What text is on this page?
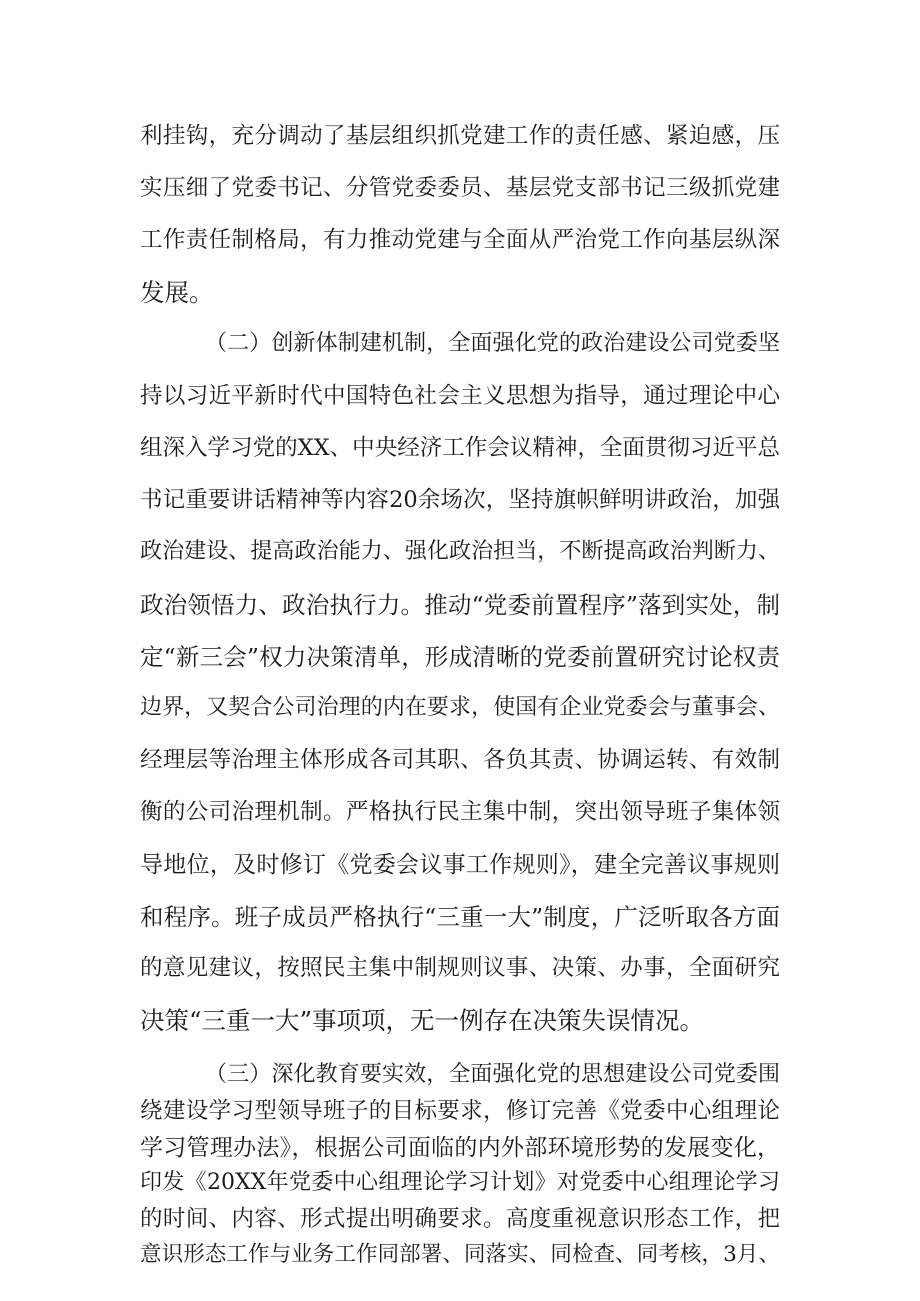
利挂钩，充分调动了基层组织抓党建工作的责任感、紧迫感，压

实压细了党委书记、分管党委委员、基层党支部书记三级抓党建

工作责任制格局，有力推动党建与全面从严治党工作向基层纵深

发展。

（二）创新体制建机制，全面强化党的政治建设公司党委坚

持以习近平新时代中国特色社会主义思想为指导，通过理论中心

组深入学习党的XX、中央经济工作会议精神，全面贯彻习近平总

书记重要讲话精神等内容20余场次，坚持旗帜鲜明讲政治，加强

政治建设、提高政治能力、强化政治担当，不断提高政治判断力、

政治领悟力、政治执行力。推动“党委前置程序”落到实处，制

定“新三会”权力决策清单，形成清晰的党委前置研究讨论权责

边界，又契合公司治理的内在要求，使国有企业党委会与董事会、

经理层等治理主体形成各司其职、各负其责、协调运转、有效制

衡的公司治理机制。严格执行民主集中制，突出领导班子集体领

导地位，及时修订《党委会议事工作规则》，建全完善议事规则

和程序。班子成员严格执行“三重一大”制度，广泛听取各方面

的意见建议，按照民主集中制规则议事、决策、办事，全面研究

决策“三重一大”事项项，无一例存在决策失误情况。

（三）深化教育要实效，全面强化党的思想建设公司党委围

绕建设学习型领导班子的目标要求，修订完善《党委中心组理论

学习管理办法》，根据公司面临的内外部环境形势的发展变化，

印发《20XX年党委中心组理论学习计划》对党委中心组理论学习

的时间、内容、形式提出明确要求。高度重视意识形态工作，把

意识形态工作与业务工作同部署、同落实、同检查、同考核，3月、
